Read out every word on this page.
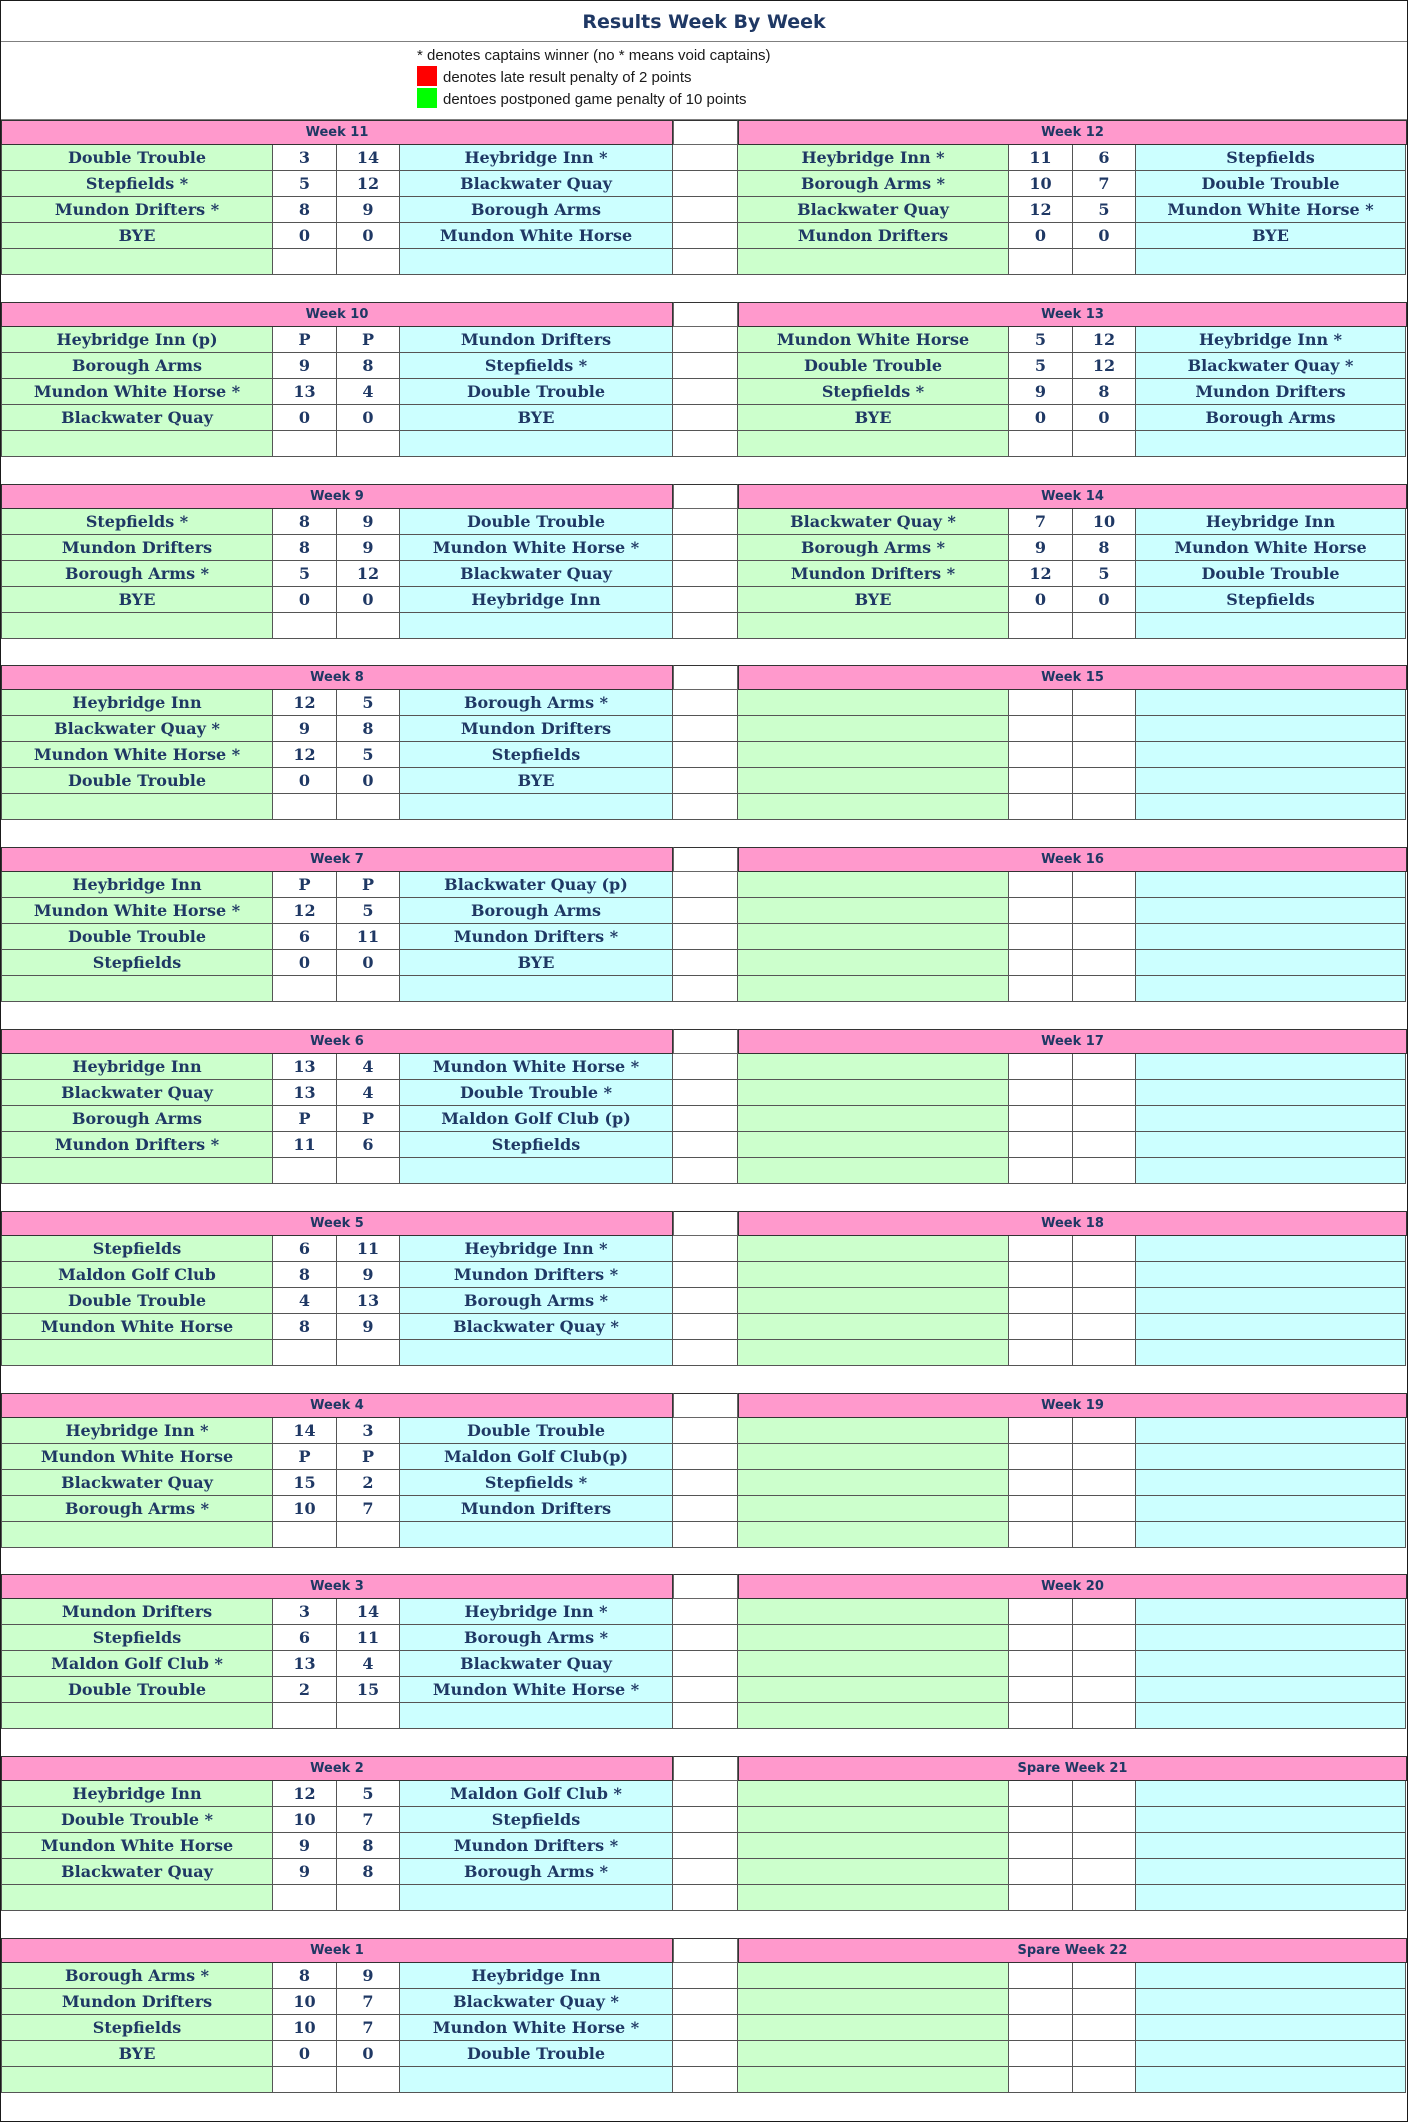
Results Week By Week
* denotes captains winner (no * means void captains)
denotes late result penalty of 2 points
dentoes postponed game penalty of 10 points
Week 11	Week 12
Double Trouble	3	14	Heybridge Inn *	Heybridge Inn *	11	6	Stepfields
Stepfields *	5	12	Blackwater Quay	Borough Arms *	10	7	Double Trouble
Mundon Drifters *	8	9	Borough Arms	Blackwater Quay	12	5	Mundon White Horse *
BYE	0	0	Mundon White Horse	Mundon Drifters	0	0	BYE
Week 10	Week 13
Heybridge Inn (p)	P	P	Mundon Drifters	Mundon White Horse	5	12	Heybridge Inn *
Borough Arms	9	8	Stepfields *	Double Trouble	5	12	Blackwater Quay *
Mundon White Horse *	13	4	Double Trouble	Stepfields *	9	8	Mundon Drifters
Blackwater Quay	0	0	BYE	BYE	0	0	Borough Arms
Week 9	Week 14
Stepfields *	8	9	Double Trouble	Blackwater Quay *	7	10	Heybridge Inn
Mundon Drifters	8	9	Mundon White Horse *	Borough Arms *	9	8	Mundon White Horse
Borough Arms *	5	12	Blackwater Quay	Mundon Drifters *	12	5	Double Trouble
BYE	0	0	Heybridge Inn	BYE	0	0	Stepfields
Week 8	Week 15
Heybridge Inn	12	5	Borough Arms *
Blackwater Quay *	9	8	Mundon Drifters
Mundon White Horse *	12	5	Stepfields
Double Trouble	0	0	BYE
Week 7	Week 16
Heybridge Inn	P	P	Blackwater Quay (p)
Mundon White Horse *	12	5	Borough Arms
Double Trouble	6	11	Mundon Drifters *
Stepfields	0	0	BYE
Week 6	Week 17
Heybridge Inn	13	4	Mundon White Horse *
Blackwater Quay	13	4	Double Trouble *
Borough Arms	P	P	Maldon Golf Club (p)
Mundon Drifters *	11	6	Stepfields
Week 5	Week 18
Stepfields	6	11	Heybridge Inn *
Maldon Golf Club	8	9	Mundon Drifters *
Double Trouble	4	13	Borough Arms *
Mundon White Horse	8	9	Blackwater Quay *
Week 4	Week 19
Heybridge Inn *	14	3	Double Trouble
Mundon White Horse	P	P	Maldon Golf Club(p)
Blackwater Quay	15	2	Stepfields *
Borough Arms *	10	7	Mundon Drifters
Week 3	Week 20
Mundon Drifters	3	14	Heybridge Inn *
Stepfields	6	11	Borough Arms *
Maldon Golf Club *	13	4	Blackwater Quay
Double Trouble	2	15	Mundon White Horse *
Week 2	Spare Week 21
Heybridge Inn	12	5	Maldon Golf Club *
Double Trouble *	10	7	Stepfields
Mundon White Horse	9	8	Mundon Drifters *
Blackwater Quay	9	8	Borough Arms *
Week 1	Spare Week 22
Borough Arms *	8	9	Heybridge Inn
Mundon Drifters	10	7	Blackwater Quay *
Stepfields	10	7	Mundon White Horse *
BYE	0	0	Double Trouble
